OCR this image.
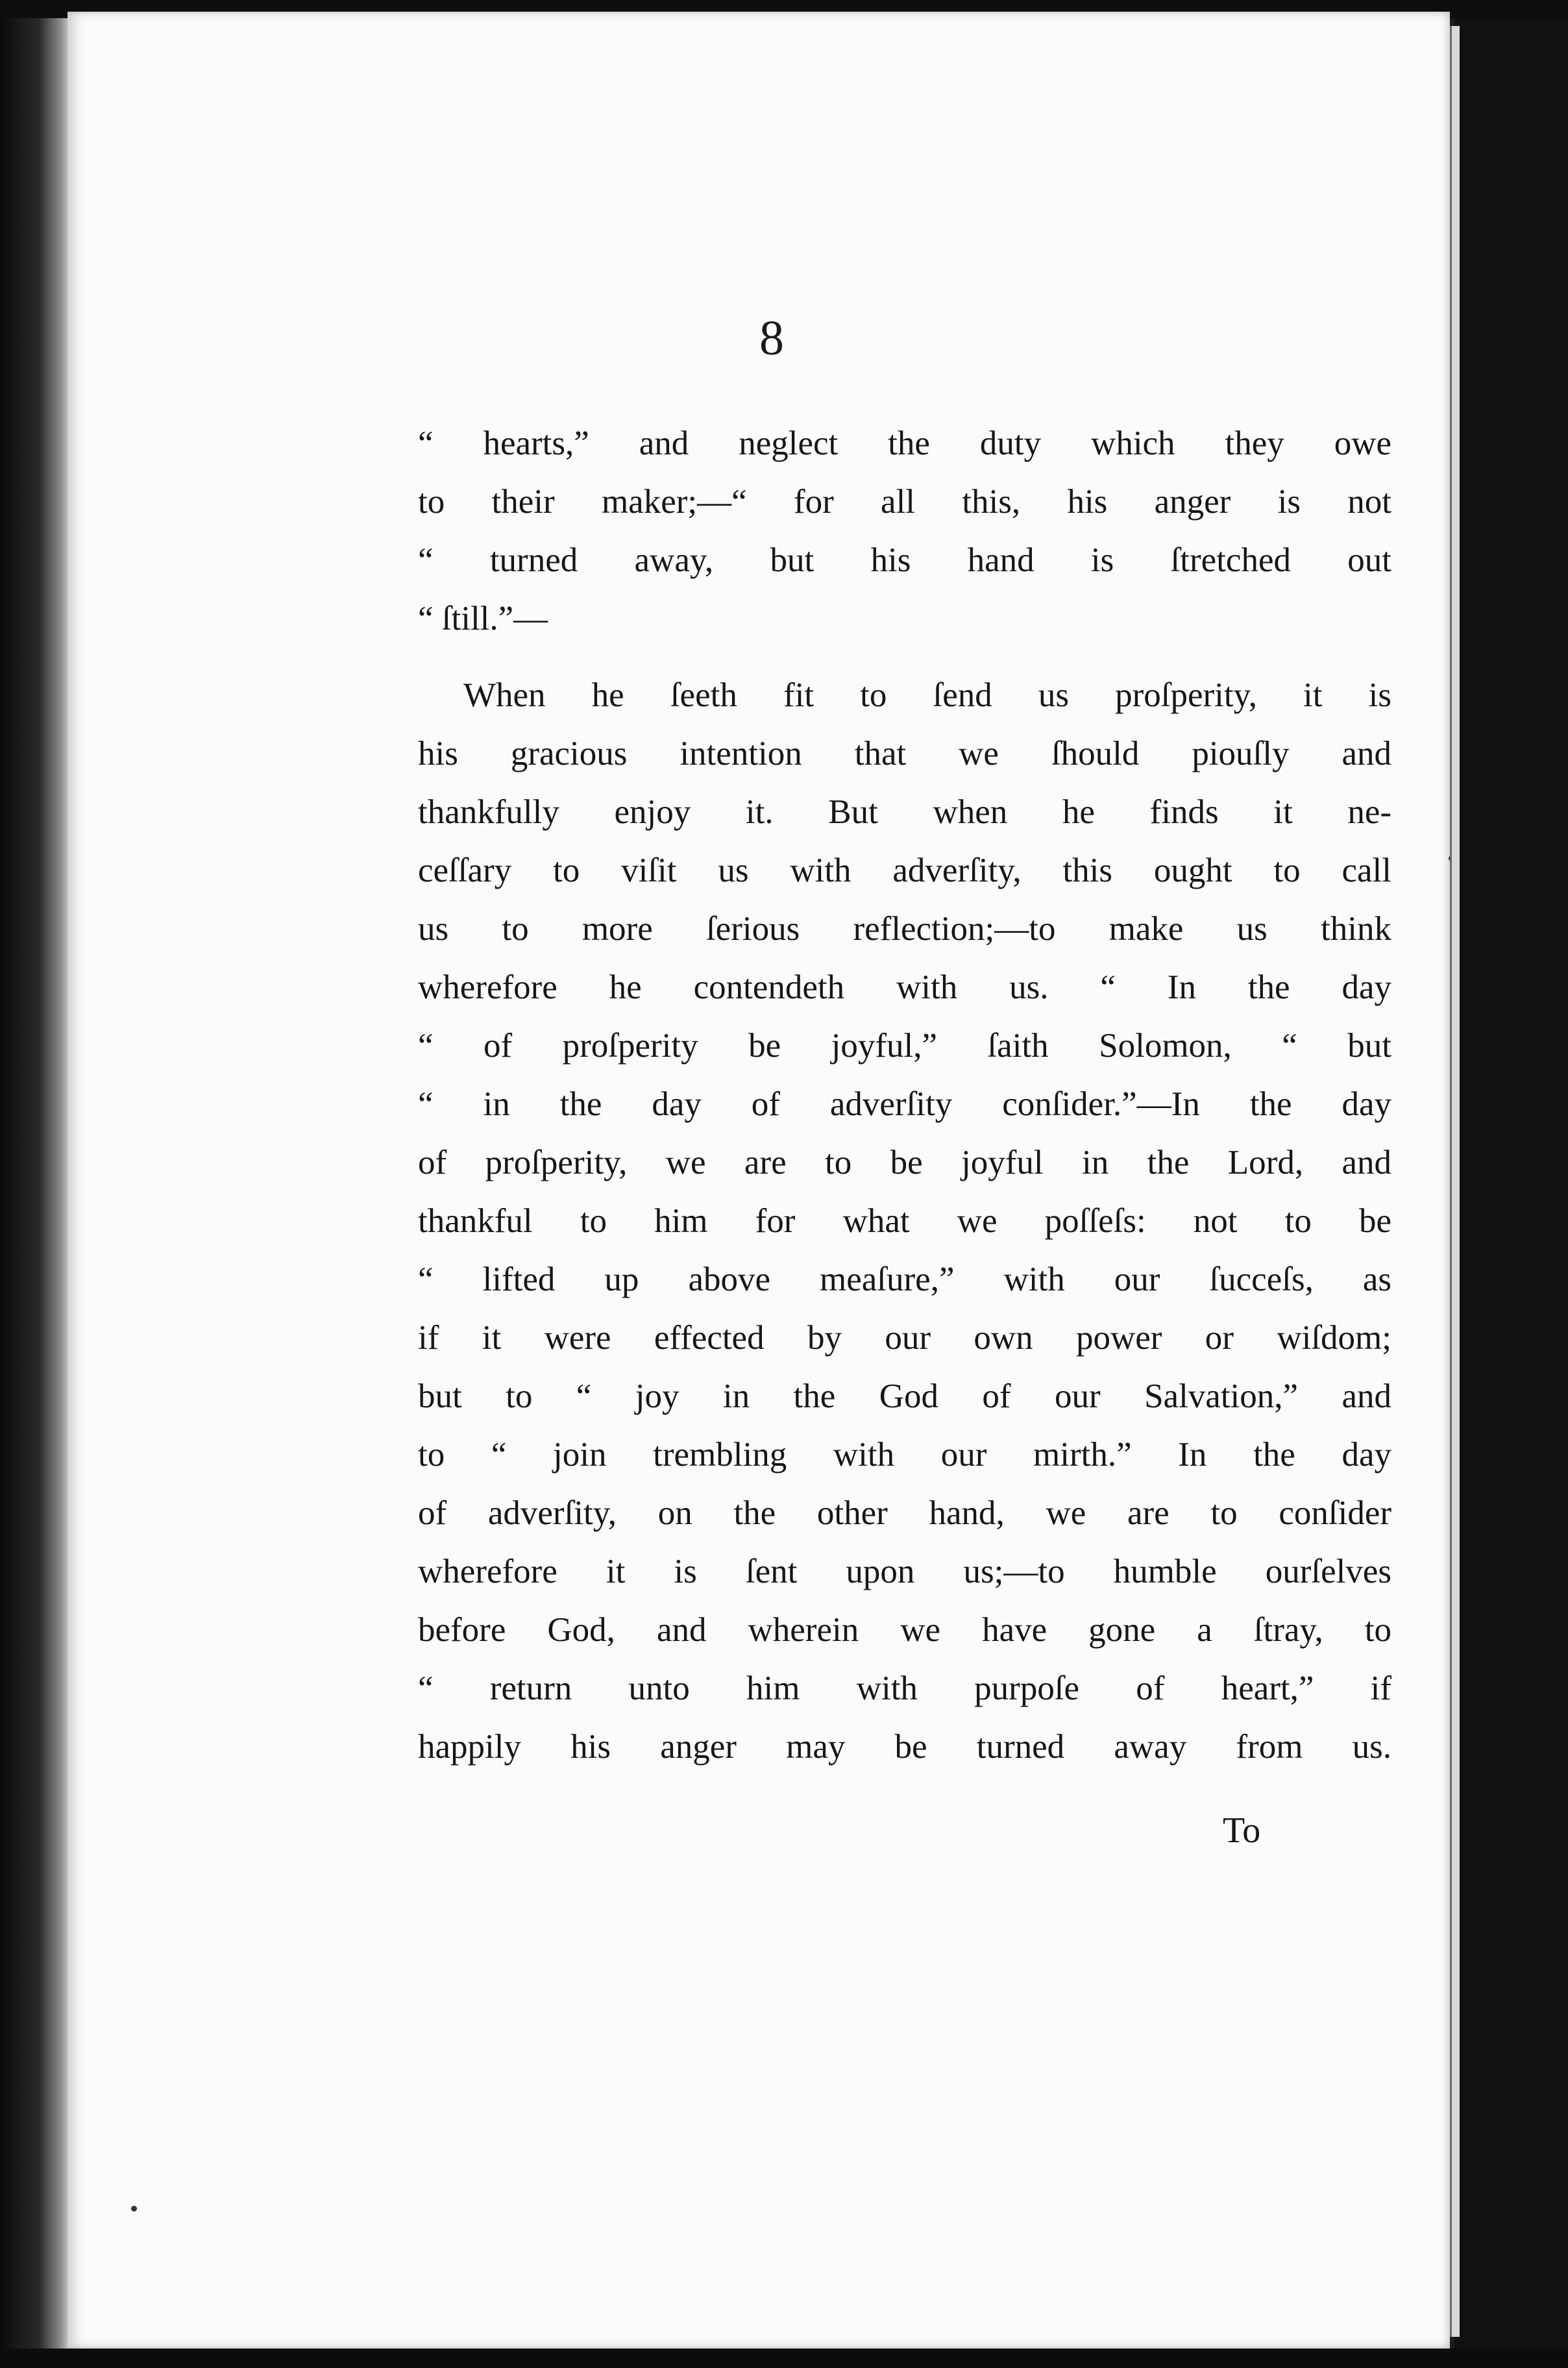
8

“ hearts,” and neglect the duty which they owe
to their maker;—“ for all this, his anger is not
“ turned away, but his hand is ſtretched out
“ ſtill.”—
When he ſeeth fit to ſend us proſperity, it is
his gracious intention that we ſhould piouſly and
thankfully enjoy it. But when he finds it ne-
ceſſary to viſit us with adverſity, this ought to call
us to more ſerious reflection;—to make us think
wherefore he contendeth with us. “ In the day
“ of proſperity be joyful,” ſaith Solomon, “ but
“ in the day of adverſity conſider.”—In the day
of proſperity, we are to be joyful in the Lord, and
thankful to him for what we poſſeſs: not to be
“ lifted up above meaſure,” with our ſucceſs, as
if it were effected by our own power or wiſdom;
but to “ joy in the God of our Salvation,” and
to “ join trembling with our mirth.” In the day
of adverſity, on the other hand, we are to conſider
wherefore it is ſent upon us;—to humble ourſelves
before God, and wherein we have gone a ſtray, to
“ return unto him with purpoſe of heart,” if
happily his anger may be turned away from us.

To
